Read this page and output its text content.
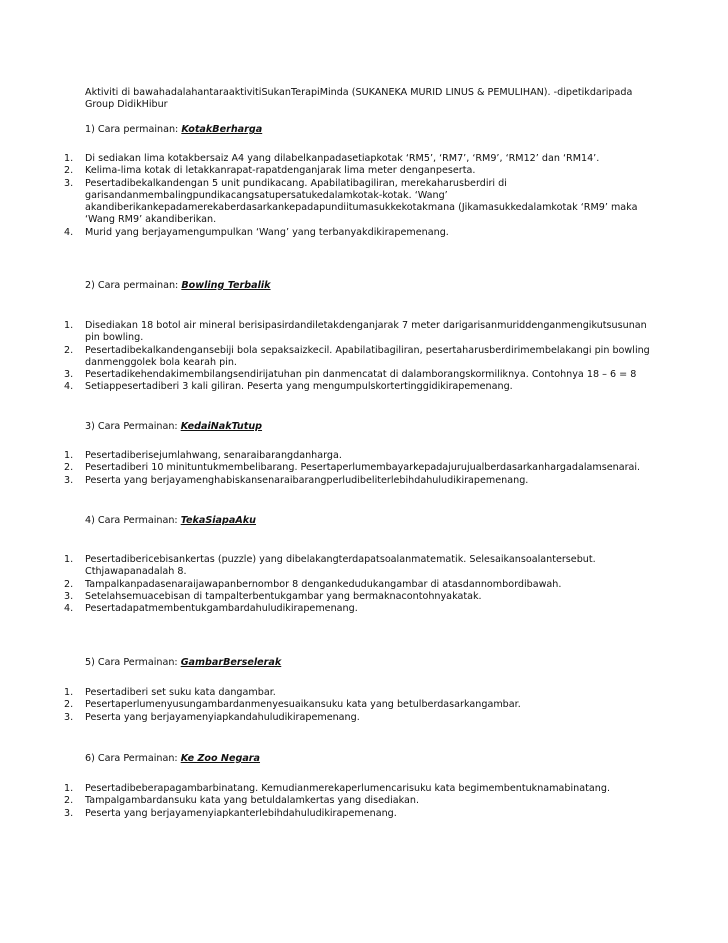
Aktiviti di bawahadalahantaraaktivitiSukanTerapiMinda (SUKANEKA MURID LINUS & PEMULIHAN). -dipetikdaripada Group DidikHibur
1) Cara permainan: KotakBerharga
1. Di sediakan lima kotakbersaiz A4 yang dilabelkanpadasetiapkotak ‘RM5’, ‘RM7’, ‘RM9’, ‘RM12’ dan ‘RM14’.
2. Kelima-lima kotak di letakkanrapat-rapatdenganjarak lima meter denganpeserta.
3. Pesertadibekalkandengan 5 unit pundikacang. Apabilatibagiliran, merekaharusberdiri di garisandanmembalingpundikacangsatupersatukedalamkotak-kotak. ‘Wang’ akandiberikankepadamerekaberdasarkankepadapundiitumasukkekotakmana (Jikamasukkedalamkotak ‘RM9’ maka ‘Wang RM9’ akandiberikan.
4. Murid yang berjayamengumpulkan ‘Wang’ yang terbanyakdikirapemenang.
2) Cara permainan: Bowling Terbalik
1. Disediakan 18 botol air mineral berisipasirdandiletakdenganjarak 7 meter darigarisanmuriddenganmengikutsusunan pin bowling.
2. Pesertadibekalkandengansebiji bola sepaksaizkecil. Apabilatibagiliran, pesertaharusberdirimembelakangi pin bowling danmenggolek bola kearah pin.
3. Pesertadikehendakimembilangsendirijatuhan pin danmencatat di dalamborangskormiliknya. Contohnya 18 – 6 = 8
4. Setiappesertadiberi 3 kali giliran. Peserta yang mengumpulskortertinggidikirapemenang.
3) Cara Permainan: KedaiNakTutup
1. Pesertadiberisejumlahwang, senaraibarangdanharga.
2. Pesertadiberi 10 minituntukmembelibarang. Pesertaperlumembayarkepadajurujualberdasarkanhargadalamsenarai.
3. Peserta yang berjayamenghabiskansenaraibarangperludibeliterlebihdahuludikirapemenang.
4) Cara Permainan: TekaSiapaAku
1. Pesertadibericebisankertas (puzzle) yang dibelakangterdapatsoalanmatematik. Selesaikansoalantersebut. Cthjawapanadalah 8.
2. Tampalkanpadasenaraijawapanbernombor 8 dengankedudukangambar di atasdannombordibawah.
3. Setelahsemuacebisan di tampalterbentukgambar yang bermaknacontohnyakatak.
4. Pesertadapatmembentukgambardahuludikirapemenang.
5) Cara Permainan: GambarBerselerak
1. Pesertadiberi set suku kata dangambar.
2. Pesertaperlumenyusungambardanmenyesuaikansuku kata yang betulberdasarkangambar.
3. Peserta yang berjayamenyiapkandahuludikirapemenang.
6) Cara Permainan: Ke Zoo Negara
1. Pesertadibeberapagambarbinatang. Kemudianmerekaperlumencarisuku kata begimembentuknamabinatang.
2. Tampalgambardansuku kata yang betuldalamkertas yang disediakan.
3. Peserta yang berjayamenyiapkanterlebihdahuludikirapemenang.
